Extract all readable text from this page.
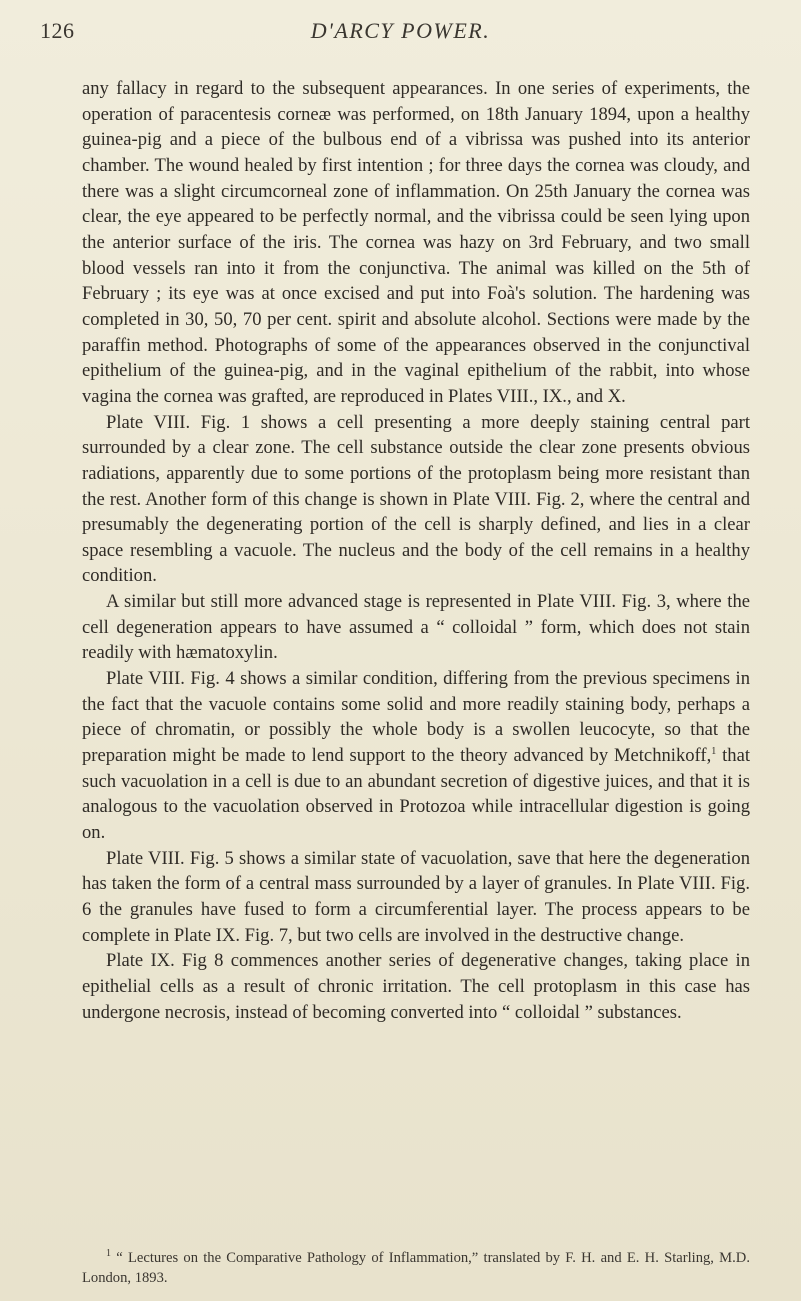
126	D'ARCY POWER.

any fallacy in regard to the subsequent appearances. In one series of experiments, the operation of paracentesis corneæ was performed, on 18th January 1894, upon a healthy guinea-pig and a piece of the bulbous end of a vibrissa was pushed into its anterior chamber. The wound healed by first intention ; for three days the cornea was cloudy, and there was a slight circumcorneal zone of inflammation. On 25th January the cornea was clear, the eye appeared to be perfectly normal, and the vibrissa could be seen lying upon the anterior surface of the iris. The cornea was hazy on 3rd February, and two small blood vessels ran into it from the conjunctiva. The animal was killed on the 5th of February ; its eye was at once excised and put into Foà's solution. The hardening was completed in 30, 50, 70 per cent. spirit and absolute alcohol. Sections were made by the paraffin method. Photographs of some of the appearances observed in the conjunctival epithelium of the guinea-pig, and in the vaginal epithelium of the rabbit, into whose vagina the cornea was grafted, are reproduced in Plates VIII., IX., and X.

Plate VIII. Fig. 1 shows a cell presenting a more deeply staining central part surrounded by a clear zone. The cell substance outside the clear zone presents obvious radiations, apparently due to some portions of the protoplasm being more resistant than the rest. Another form of this change is shown in Plate VIII. Fig. 2, where the central and presumably the degenerating portion of the cell is sharply defined, and lies in a clear space resembling a vacuole. The nucleus and the body of the cell remains in a healthy condition.

A similar but still more advanced stage is represented in Plate VIII. Fig. 3, where the cell degeneration appears to have assumed a “ colloidal ” form, which does not stain readily with hæmatoxylin.

Plate VIII. Fig. 4 shows a similar condition, differing from the previous specimens in the fact that the vacuole contains some solid and more readily staining body, perhaps a piece of chromatin, or possibly the whole body is a swollen leucocyte, so that the preparation might be made to lend support to the theory advanced by Metchnikoff,$^1$ that such vacuolation in a cell is due to an abundant secretion of digestive juices, and that it is analogous to the vacuolation observed in Protozoa while intracellular digestion is going on.

Plate VIII. Fig. 5 shows a similar state of vacuolation, save that here the degeneration has taken the form of a central mass surrounded by a layer of granules. In Plate VIII. Fig. 6 the granules have fused to form a circumferential layer. The process appears to be complete in Plate IX. Fig. 7, but two cells are involved in the destructive change.

Plate IX. Fig 8 commences another series of degenerative changes, taking place in epithelial cells as a result of chronic irritation. The cell protoplasm in this case has undergone necrosis, instead of becoming converted into “ colloidal ” substances.

$^1$ “ Lectures on the Comparative Pathology of Inflammation,” translated by F. H. and E. H. Starling, M.D. London, 1893.
